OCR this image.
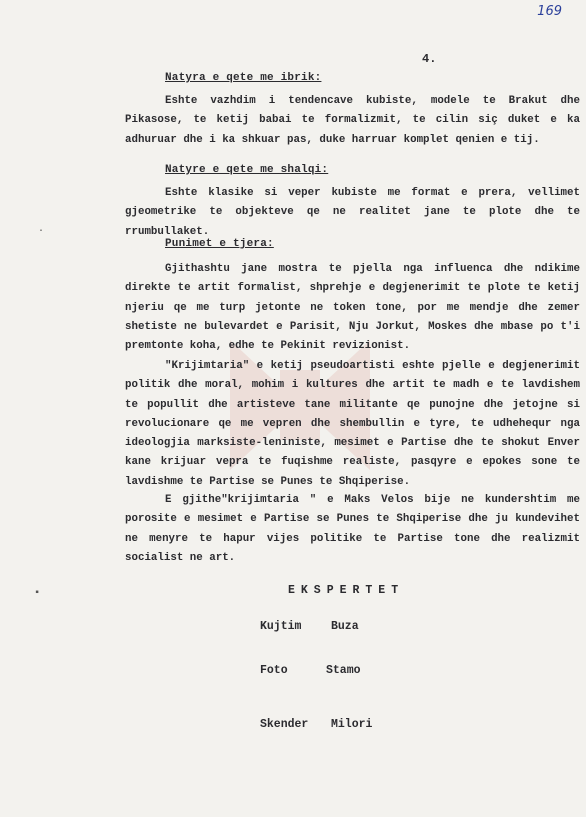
169
4.
Natyra e qete me ibrik:

Eshte vazhdim i tendencave kubiste, modele te Brakut dhe Pikasose, te ketij babai te formalizmit, te cilin siç duket e ka adhuruar dhe i ka shkuar pas, duke harruar komplet qenien e tij.

Natyre e qete me shalqi:

Eshte klasike si veper kubiste me format e prera, vellimet gjeometrike te objekteve qe ne realitet jane te plote dhe te rrumbullaket.

Punimet e tjera:

Gjithashtu jane mostra te pjella nga influenca dhe ndikime direkte te artit formalist, shprehje e degjenerimit te plote te ketij njeriu qe me turp jetonte ne token tone, por me mendje dhe zemer shetiste ne bulevardet e Parisit, Nju Jorkut, Moskes dhe mbase po t'i premtonte koha, edhe te Pekinit revizionist.

"Krijimtaria" e ketij pseudoartisti eshte pjelle e degjenerimit politik dhe moral, mohim i kultures dhe artit te madh e te lavdishem te popullit dhe artisteve tane militante qe punojne dhe jetojne si revolucionare qe me vepren dhe shembullin e tyre, te udhehequr nga ideologjia marksiste-leniniste, mesimet e Partise dhe te shokut Enver kane krijuar vepra te fuqishme realiste, pasqyre e epokes sone te lavdishme te Partise se Punes te Shqiperise.

E gjithe"krijimtaria " e Maks Velos bije ne kundershtim me porosite e mesimet e Partise se Punes te Shqiperise dhe ju kundevihet ne menyre te hapur vijes politike te Partise tone dhe realizmit socialist ne art.

EKSPERTET
Kujtim	Buza
Foto	Stamo
Skender Milori
·
▪
